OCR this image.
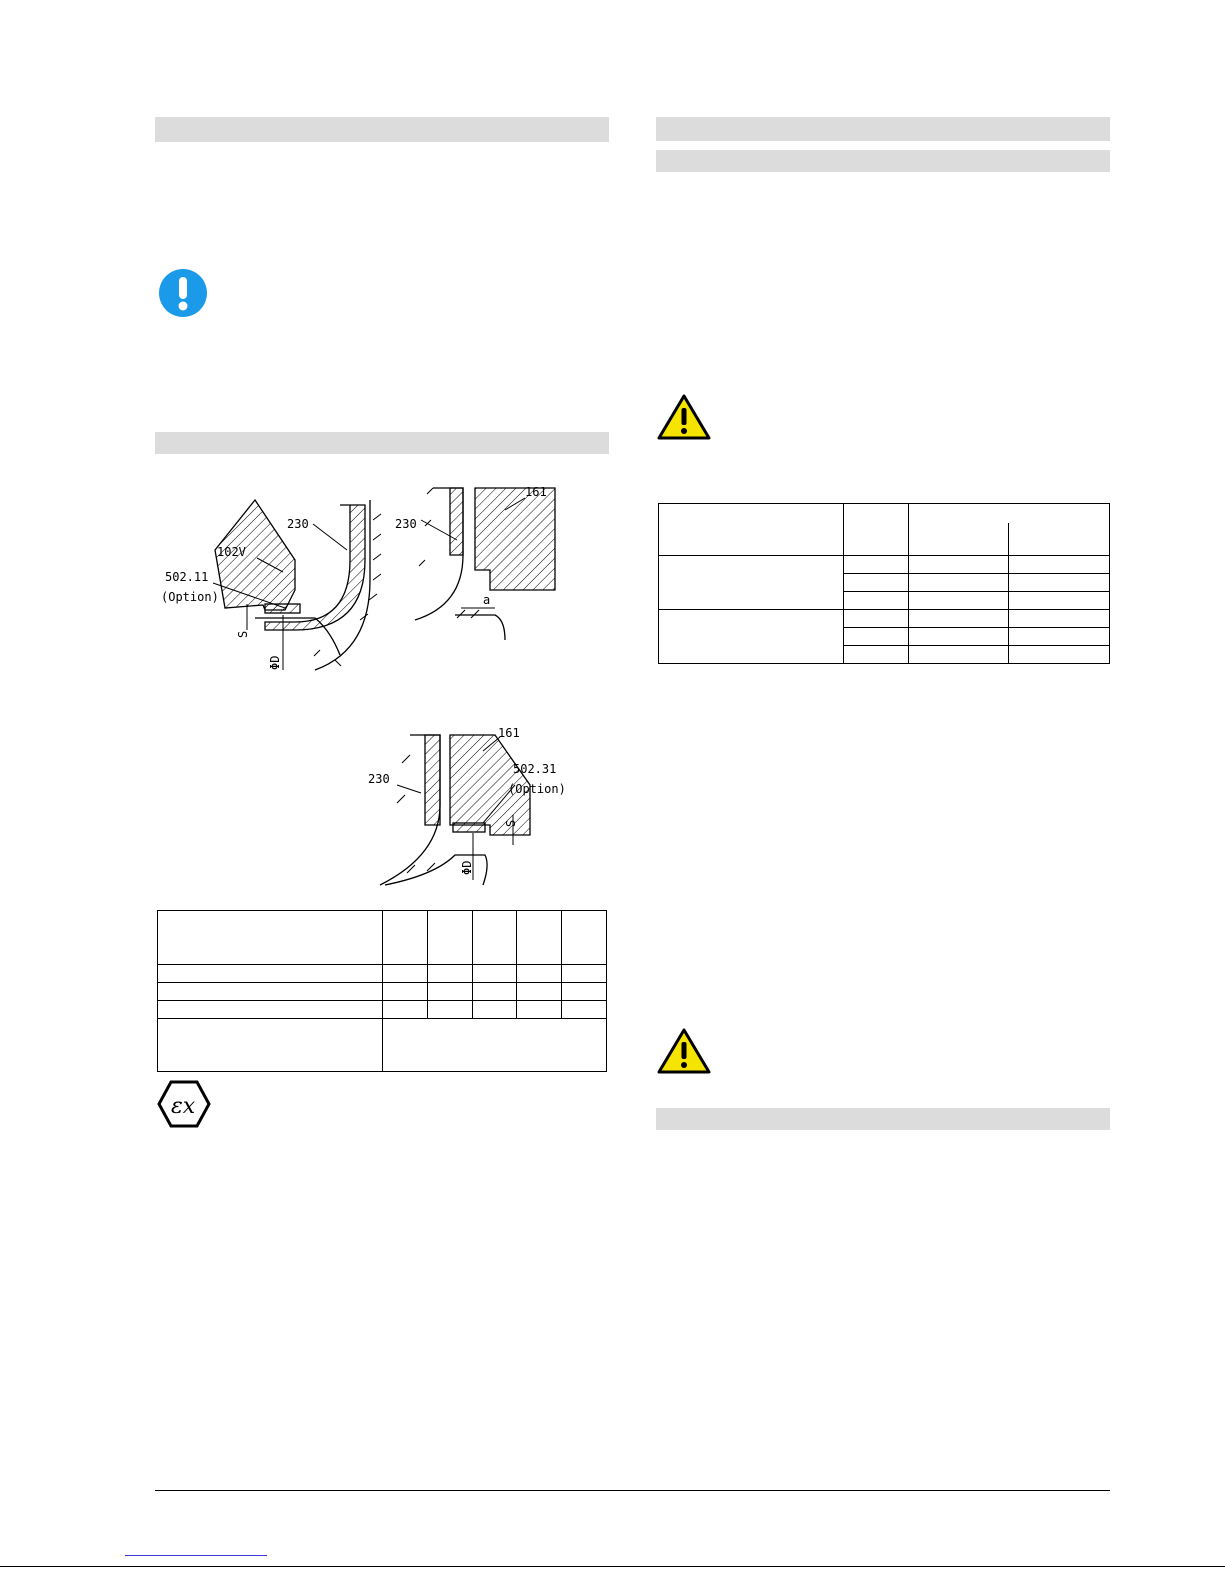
230
102V
502.11
(Option)
S
ΦD
161
230
a
161
502.31
(Option)
230
S
ΦD

εx
